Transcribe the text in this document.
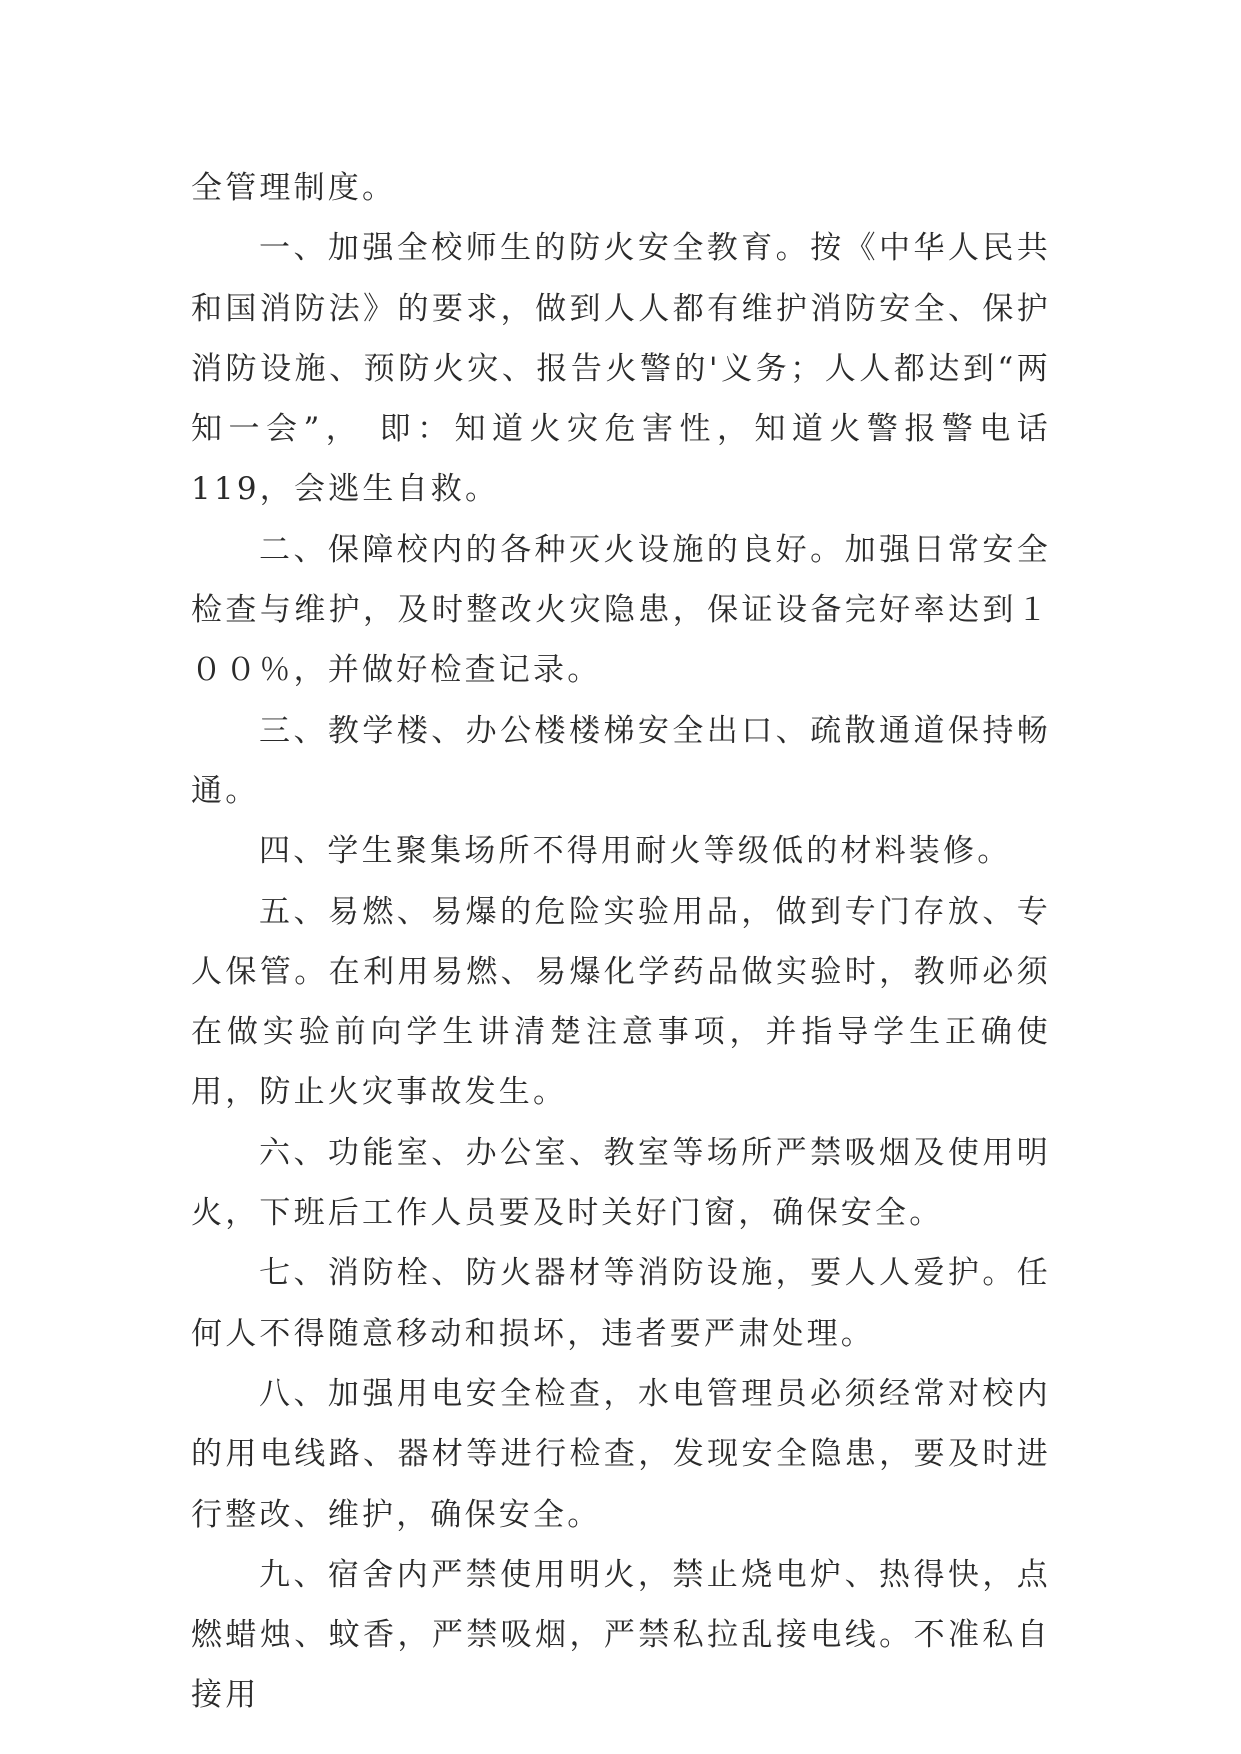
全管理制度。

一、加强全校师生的防火安全教育。按《中华人民共和国消防法》的要求，做到人人都有维护消防安全、保护消防设施、预防火灾、报告火警的'义务；人人都达到“两知一会”， 即：知道火灾危害性，知道火警报警电话119，会逃生自救。

二、保障校内的各种灭火设施的良好。加强日常安全检查与维护，及时整改火灾隐患，保证设备完好率达到１００％，并做好检查记录。

三、教学楼、办公楼楼梯安全出口、疏散通道保持畅通。

四、学生聚集场所不得用耐火等级低的材料装修。

五、易燃、易爆的危险实验用品，做到专门存放、专人保管。在利用易燃、易爆化学药品做实验时，教师必须在做实验前向学生讲清楚注意事项，并指导学生正确使用，防止火灾事故发生。

六、功能室、办公室、教室等场所严禁吸烟及使用明火，下班后工作人员要及时关好门窗，确保安全。

七、消防栓、防火器材等消防设施，要人人爱护。任何人不得随意移动和损坏，违者要严肃处理。

八、加强用电安全检查，水电管理员必须经常对校内的用电线路、器材等进行检查，发现安全隐患，要及时进行整改、维护，确保安全。

九、宿舍内严禁使用明火，禁止烧电炉、热得快，点燃蜡烛、蚊香，严禁吸烟，严禁私拉乱接电线。不准私自接用
